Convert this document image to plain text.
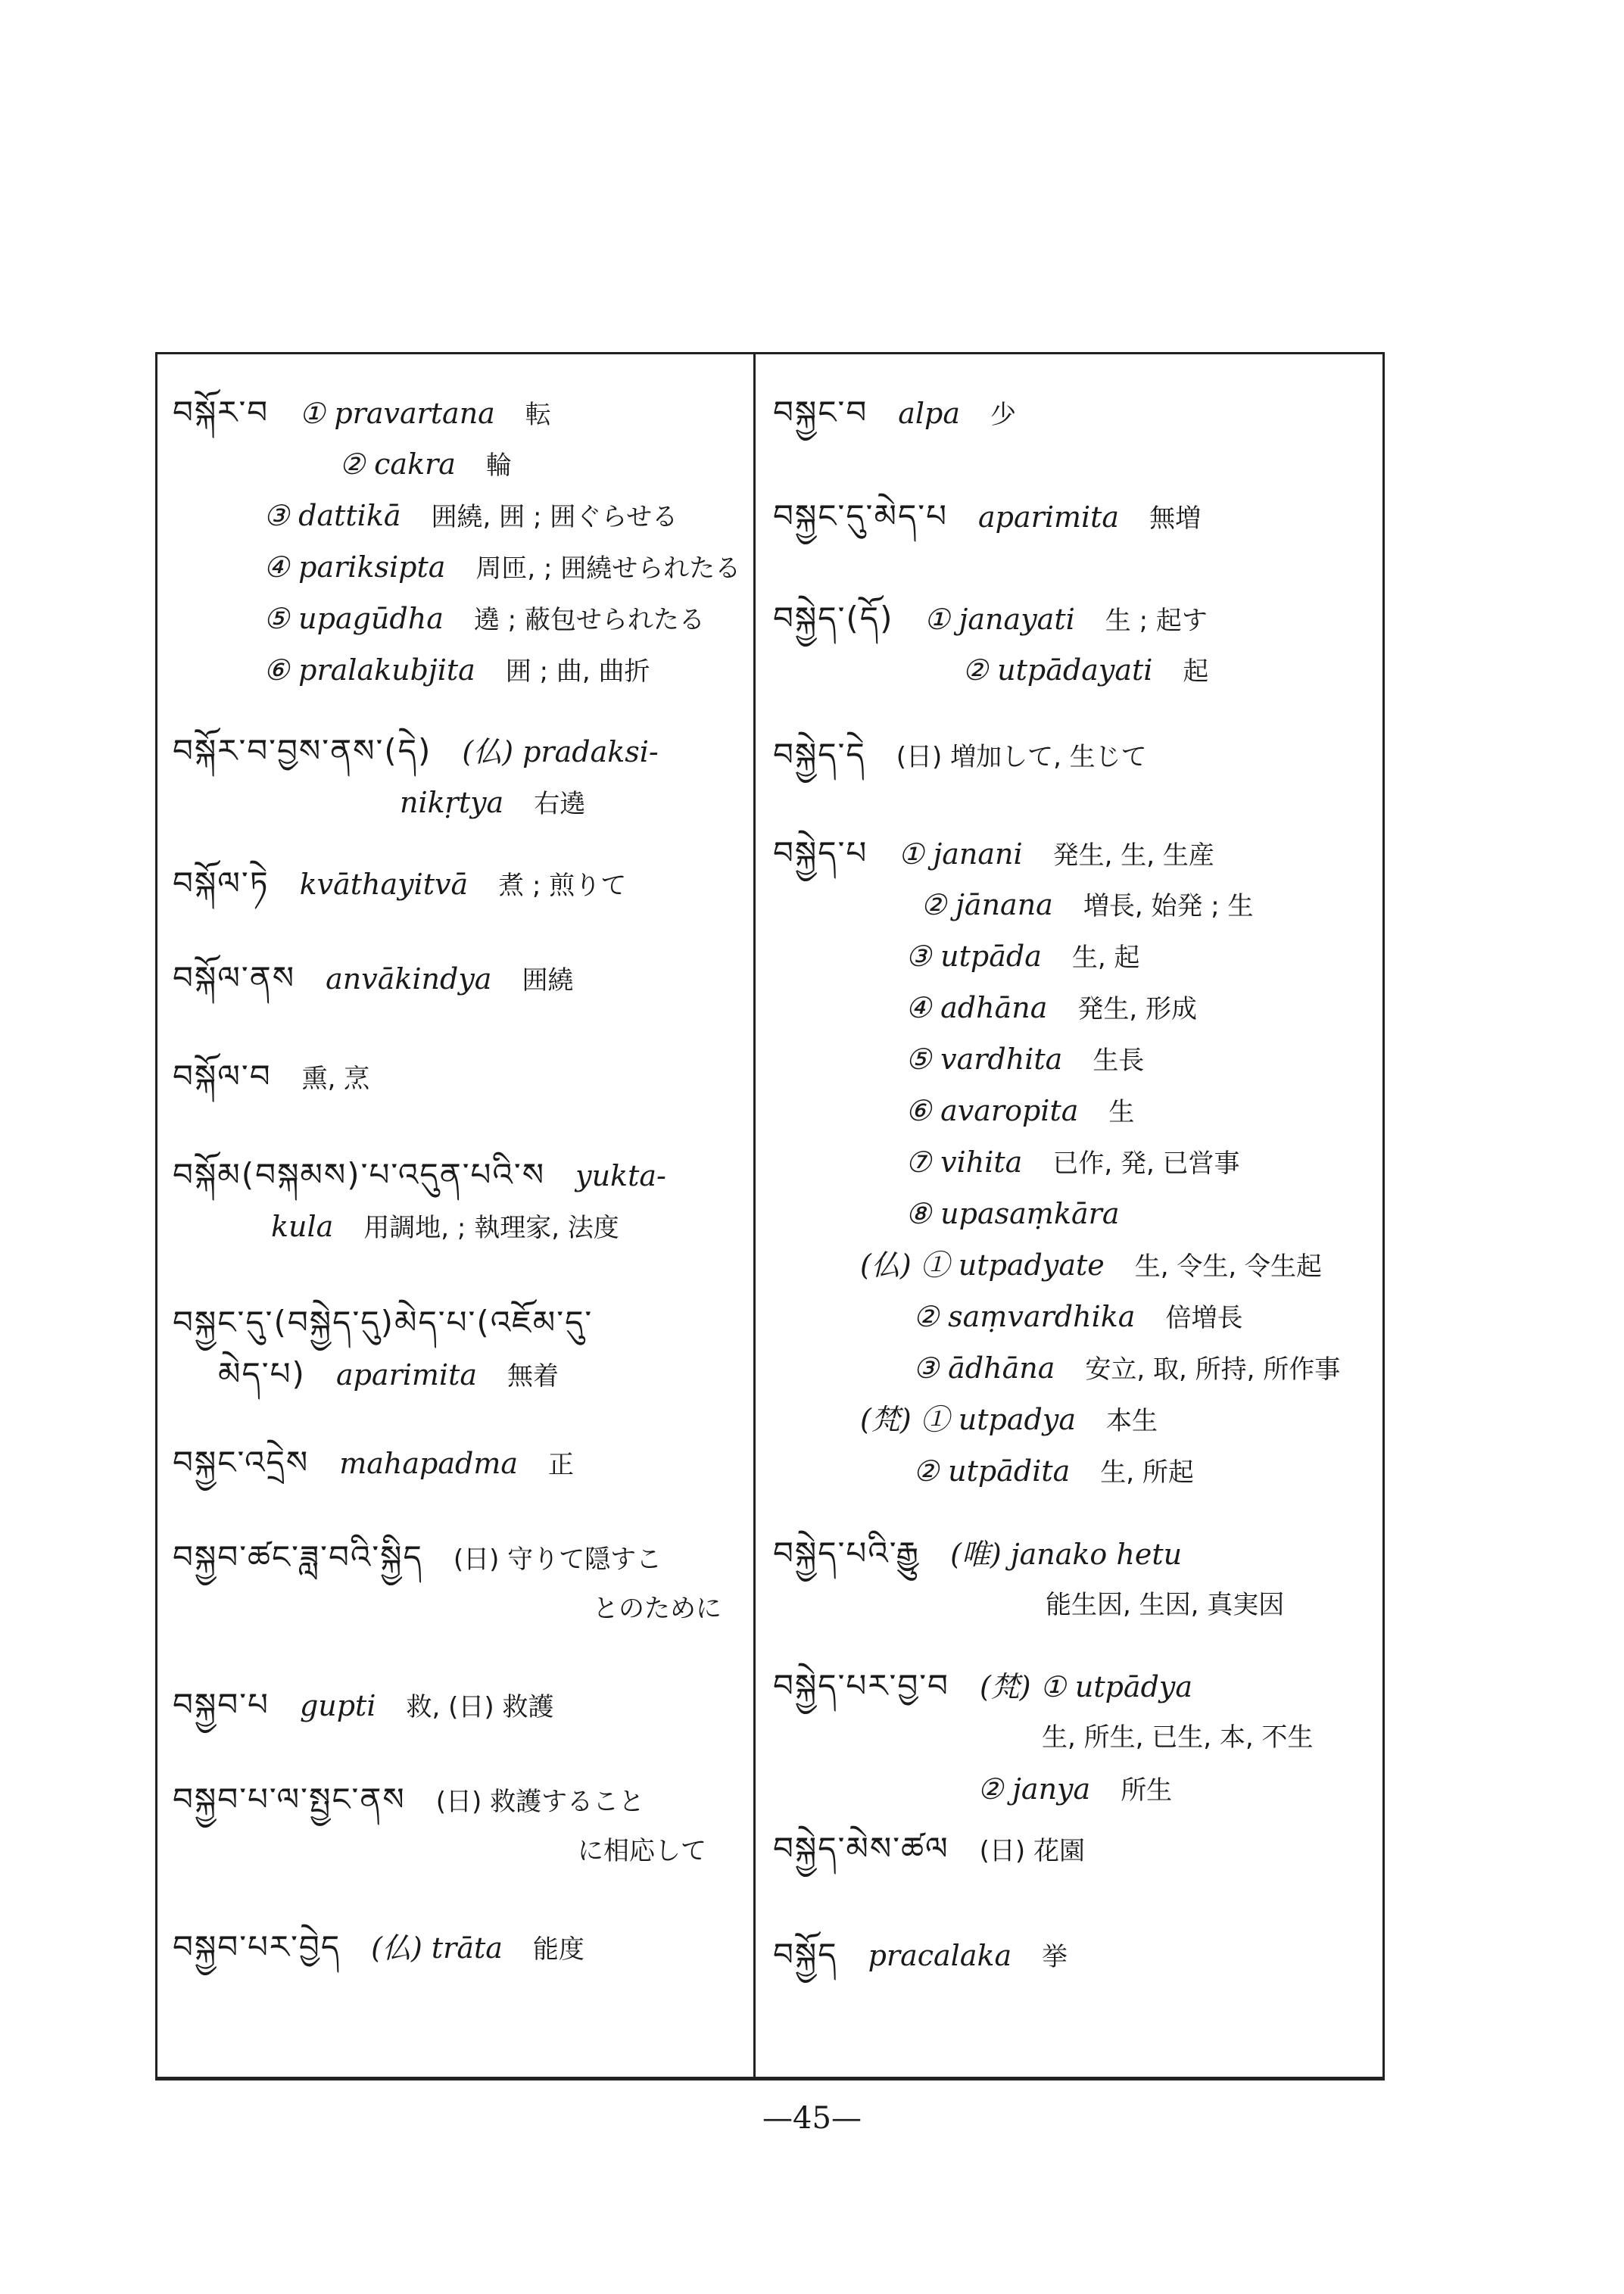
བསྐོར་བ ① pravartana 転
② cakra 輪
③ dattikā 囲繞, 囲 ; 囲ぐらせる
④ pariksipta 周匝, ; 囲繞せられたる
⑤ upagūdha 遶 ; 蔽包せられたる
⑥ pralakubjita 囲 ; 曲, 曲折
བསྐོར་བ་བྱས་ནས་(དེ) (仏) pradaksi-
nikṛtya 右遶
བསྐོལ་ཏེ kvāthayitvā 煮 ; 煎りて
བསྐོལ་ནས anvākindya 囲繞
བསྐོལ་བ 熏, 烹
བསྐོམ(བསྐམས)་པ་འདུན་པའི་ས yukta-
kula 用調地, ; 執理家, 法度
བསྐྱང་དུ་(བསྐྱེད་དུ)མེད་པ་(འཇོམ་དུ་
མེད་པ) aparimita 無着
བསྐྱང་འདྲེས mahapadma 正
བསྐྱབ་ཚང་ཟླ་བའི་སྐྱིད (日) 守りて隠すこ
とのために
བསྐྱབ་པ gupti 救, (日) 救護
བསྐྱབ་པ་ལ་སྤྱང་ནས (日) 救護すること
に相応して
བསྐྱབ་པར་བྱེད (仏) trāta 能度
བསྐྱང་བ alpa 少
བསྐྱང་དུ་མེད་པ aparimita 無増
བསྐྱེད་(དོ) ① janayati 生 ; 起す
② utpādayati 起
བསྐྱེད་དེ (日) 増加して, 生じて
བསྐྱེད་པ ① janani 発生, 生, 生産
② jānana 増長, 始発 ; 生
③ utpāda 生, 起
④ adhāna 発生, 形成
⑤ vardhita 生長
⑥ avaropita 生
⑦ vihita 已作, 発, 已営事
⑧ upasaṃkāra
(仏) ① utpadyate 生, 令生, 令生起
② saṃvardhika 倍増長
③ ādhāna 安立, 取, 所持, 所作事
(梵) ① utpadya 本生
② utpādita 生, 所起
བསྐྱེད་པའི་རྒྱུ (唯) janako hetu
能生因, 生因, 真実因
བསྐྱེད་པར་བྱ་བ (梵) ① utpādya
生, 所生, 已生, 本, 不生
② janya 所生
བསྐྱེད་མེས་ཚལ (日) 花園
བསྐྱོད pracalaka 挙
—45—
